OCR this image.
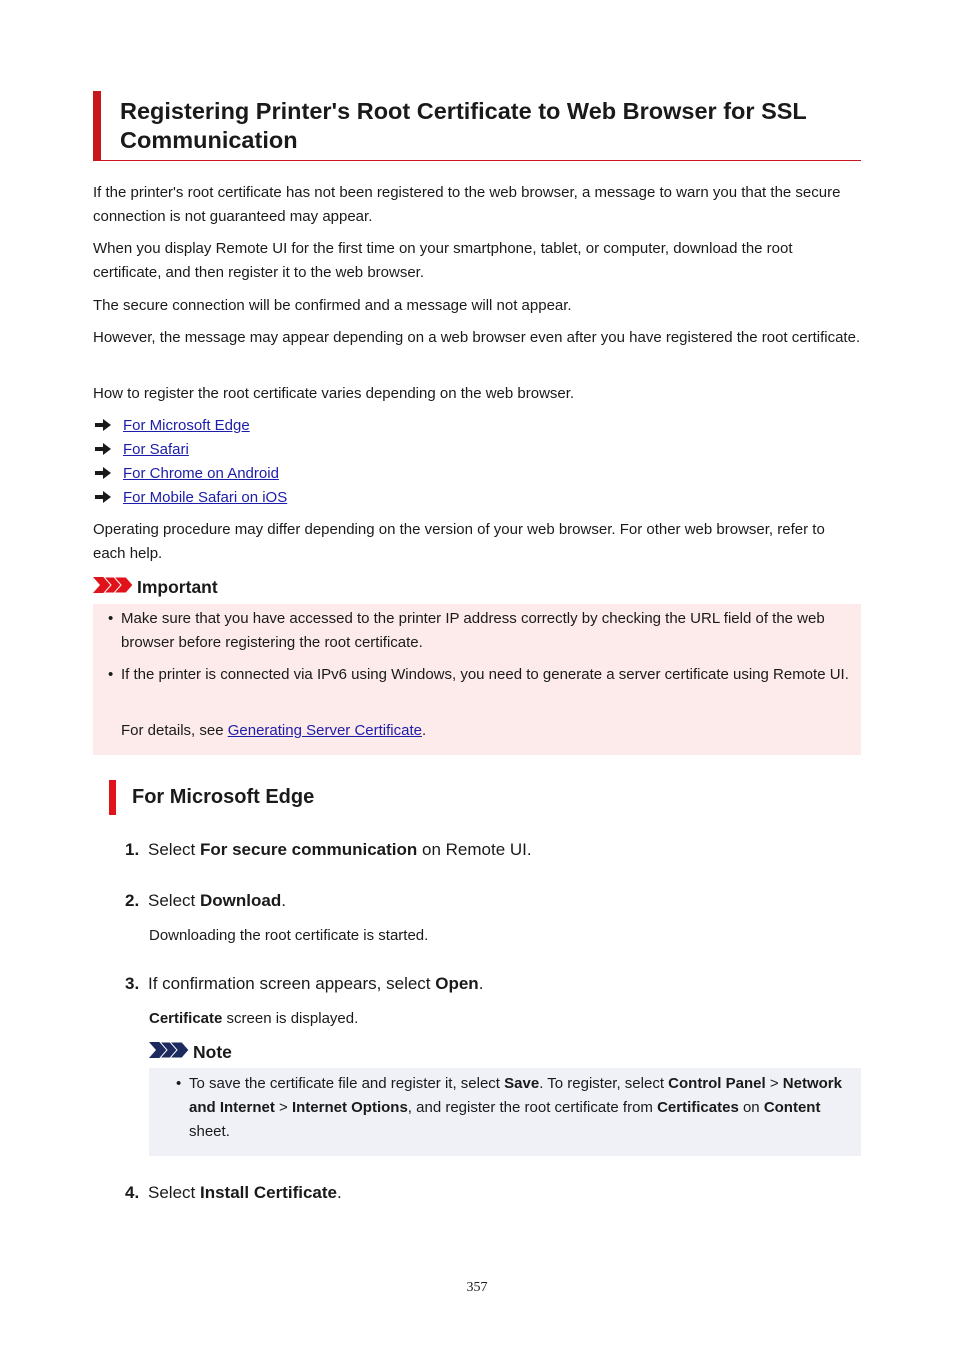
Registering Printer's Root Certificate to Web Browser for SSL Communication

If the printer's root certificate has not been registered to the web browser, a message to warn you that the secure connection is not guaranteed may appear.

When you display Remote UI for the first time on your smartphone, tablet, or computer, download the root certificate, and then register it to the web browser.

The secure connection will be confirmed and a message will not appear.

However, the message may appear depending on a web browser even after you have registered the root certificate.

How to register the root certificate varies depending on the web browser.

For Microsoft Edge
For Safari
For Chrome on Android
For Mobile Safari on iOS

Operating procedure may differ depending on the version of your web browser. For other web browser, refer to each help.

Important
• Make sure that you have accessed to the printer IP address correctly by checking the URL field of the web browser before registering the root certificate.
• If the printer is connected via IPv6 using Windows, you need to generate a server certificate using Remote UI.
For details, see Generating Server Certificate.
For Microsoft Edge
1. Select For secure communication on Remote UI.
2. Select Download.
Downloading the root certificate is started.
3. If confirmation screen appears, select Open.
Certificate screen is displayed.
Note
• To save the certificate file and register it, select Save. To register, select Control Panel > Network and Internet > Internet Options, and register the root certificate from Certificates on Content sheet.
4. Select Install Certificate.
357
